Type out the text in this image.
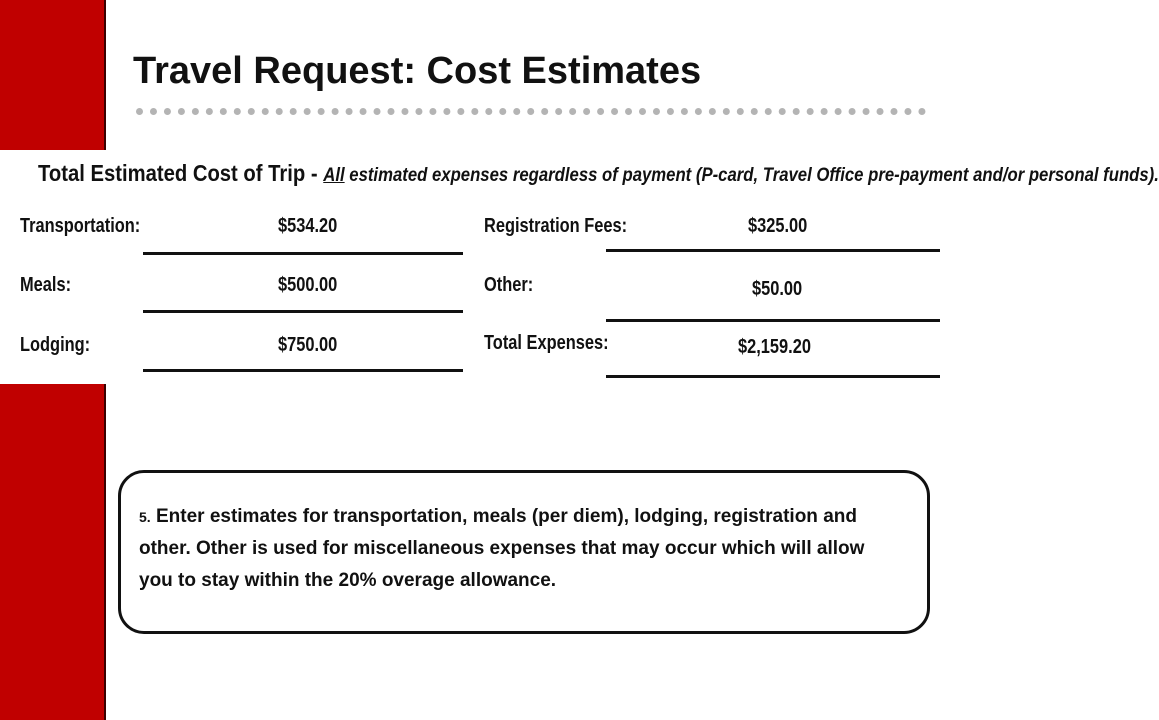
Travel Request: Cost Estimates
Total Estimated Cost of Trip - All estimated expenses regardless of payment (P-card, Travel Office pre-payment and/or personal funds).
Transportation:	$534.20
Meals:	$500.00
Lodging:	$750.00
Registration Fees:	$325.00
Other:	$50.00
Total Expenses:	$2,159.20

5. Enter estimates for transportation, meals (per diem), lodging, registration and other. Other is used for miscellaneous expenses that may occur which will allow you to stay within the 20% overage allowance.
